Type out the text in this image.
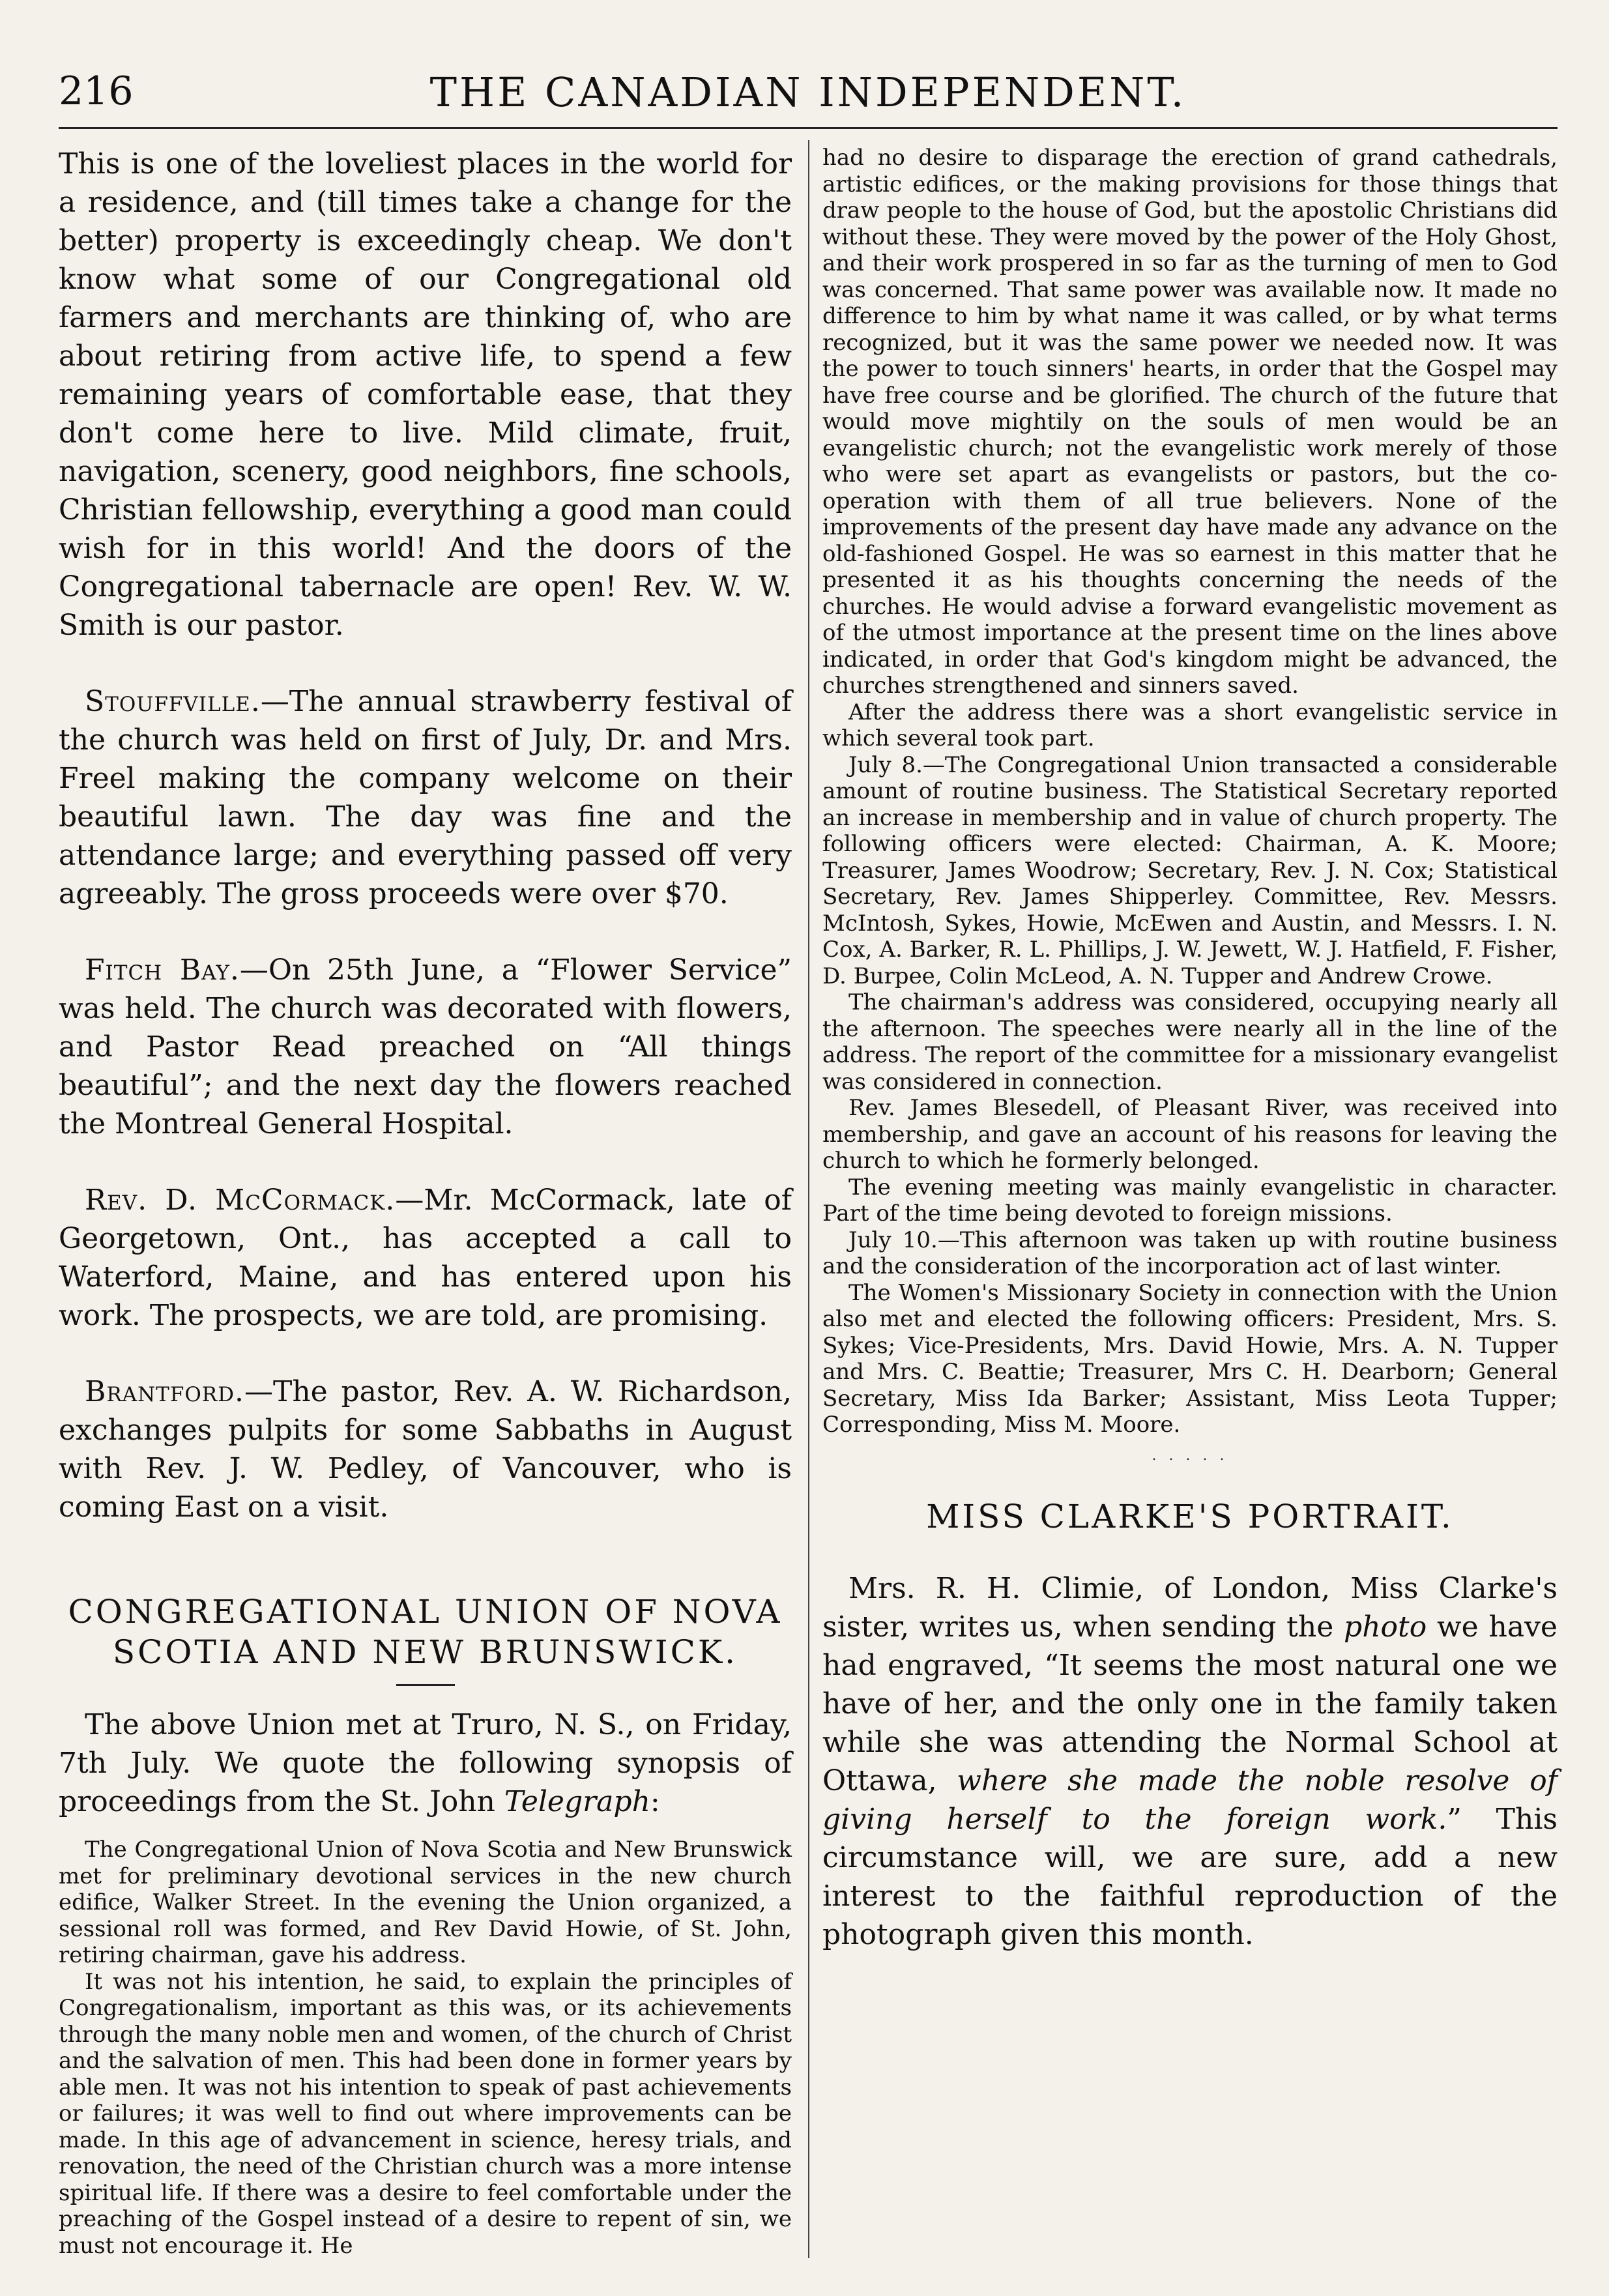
216	THE CANADIAN INDEPENDENT.

This is one of the loveliest places in the world for a residence, and (till times take a change for the better) property is exceedingly cheap. We don't know what some of our Congregational old farmers and merchants are thinking of, who are about retiring from active life, to spend a few remaining years of comfortable ease, that they don't come here to live. Mild climate, fruit, navigation, scenery, good neighbors, fine schools, Christian fellowship, everything a good man could wish for in this world! And the doors of the Congregational tabernacle are open! Rev. W. W. Smith is our pastor.

Stouffville.—The annual strawberry festival of the church was held on first of July, Dr. and Mrs. Freel making the company welcome on their beautiful lawn. The day was fine and the attendance large; and everything passed off very agreeably. The gross proceeds were over $70.

Fitch Bay.—On 25th June, a “Flower Service” was held. The church was decorated with flowers, and Pastor Read preached on “All things beautiful”; and the next day the flowers reached the Montreal General Hospital.

Rev. D. McCormack.—Mr. McCormack, late of Georgetown, Ont., has accepted a call to Waterford, Maine, and has entered upon his work. The prospects, we are told, are promising.

Brantford.—The pastor, Rev. A. W. Richardson, exchanges pulpits for some Sabbaths in August with Rev. J. W. Pedley, of Vancouver, who is coming East on a visit.

CONGREGATIONAL UNION OF NOVA
SCOTIA AND NEW BRUNSWICK.

The above Union met at Truro, N. S., on Friday, 7th July. We quote the following synopsis of proceedings from the St. John Telegraph:

The Congregational Union of Nova Scotia and New Brunswick met for preliminary devotional services in the new church edifice, Walker Street. In the evening the Union organized, a sessional roll was formed, and Rev David Howie, of St. John, retiring chairman, gave his address.

It was not his intention, he said, to explain the principles of Congregationalism, important as this was, or its achievements through the many noble men and women, of the church of Christ and the salvation of men. This had been done in former years by able men. It was not his intention to speak of past achievements or failures; it was well to find out where improvements can be made. In this age of advancement in science, heresy trials, and renovation, the need of the Christian church was a more intense spiritual life. If there was a desire to feel comfortable under the preaching of the Gospel instead of a desire to repent of sin, we must not encourage it. He

had no desire to disparage the erection of grand cathedrals, artistic edifices, or the making provisions for those things that draw people to the house of God, but the apostolic Christians did without these. They were moved by the power of the Holy Ghost, and their work prospered in so far as the turning of men to God was concerned. That same power was available now. It made no difference to him by what name it was called, or by what terms recognized, but it was the same power we needed now. It was the power to touch sinners' hearts, in order that the Gospel may have free course and be glorified. The church of the future that would move mightily on the souls of men would be an evangelistic church; not the evangelistic work merely of those who were set apart as evangelists or pastors, but the co-operation with them of all true believers. None of the improvements of the present day have made any advance on the old-fashioned Gospel. He was so earnest in this matter that he presented it as his thoughts concerning the needs of the churches. He would advise a forward evangelistic movement as of the utmost importance at the present time on the lines above indicated, in order that God's kingdom might be advanced, the churches strengthened and sinners saved.

After the address there was a short evangelistic service in which several took part.

July 8.—The Congregational Union transacted a considerable amount of routine business. The Statistical Secretary reported an increase in membership and in value of church property. The following officers were elected: Chairman, A. K. Moore; Treasurer, James Woodrow; Secretary, Rev. J. N. Cox; Statistical Secretary, Rev. James Shipperley. Committee, Rev. Messrs. McIntosh, Sykes, Howie, McEwen and Austin, and Messrs. I. N. Cox, A. Barker, R. L. Phillips, J. W. Jewett, W. J. Hatfield, F. Fisher, D. Burpee, Colin McLeod, A. N. Tupper and Andrew Crowe.

The chairman's address was considered, occupying nearly all the afternoon. The speeches were nearly all in the line of the address. The report of the committee for a missionary evangelist was considered in connection.

Rev. James Blesedell, of Pleasant River, was received into membership, and gave an account of his reasons for leaving the church to which he formerly belonged.

The evening meeting was mainly evangelistic in character. Part of the time being devoted to foreign missions.

July 10.—This afternoon was taken up with routine business and the consideration of the incorporation act of last winter.

The Women's Missionary Society in connection with the Union also met and elected the following officers: President, Mrs. S. Sykes; Vice-Presidents, Mrs. David Howie, Mrs. A. N. Tupper and Mrs. C. Beattie; Treasurer, Mrs C. H. Dearborn; General Secretary, Miss Ida Barker; Assistant, Miss Leota Tupper; Corresponding, Miss M. Moore.

. . . . .
MISS CLARKE'S PORTRAIT.

Mrs. R. H. Climie, of London, Miss Clarke's sister, writes us, when sending the photo we have had engraved, “It seems the most natural one we have of her, and the only one in the family taken while she was attending the Normal School at Ottawa, where she made the noble resolve of giving herself to the foreign work.” This circumstance will, we are sure, add a new interest to the faithful reproduction of the photograph given this month.
